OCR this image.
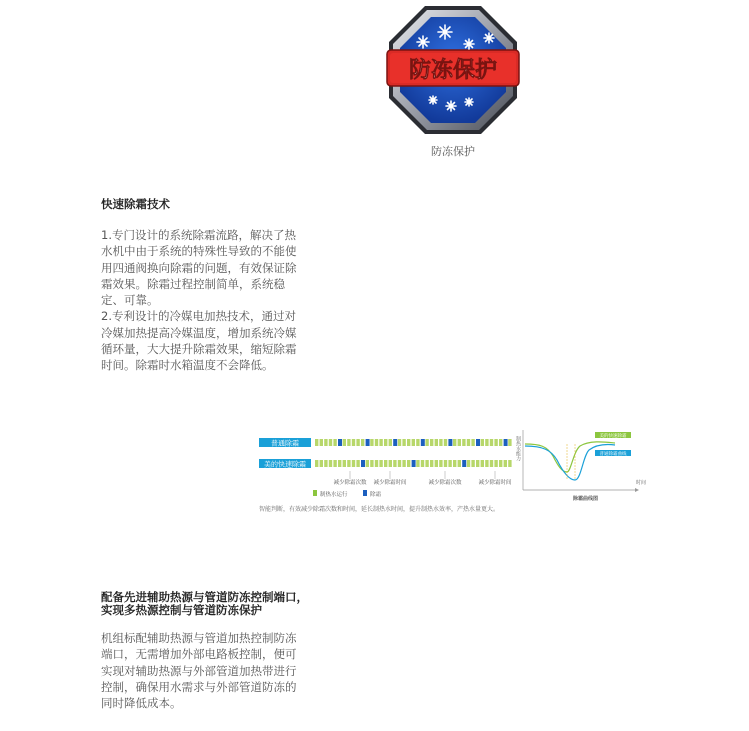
防冻保护
防冻保护
快速除霜技术
1.专门设计的系统除霜流路，解决了热
水机中由于系统的特殊性导致的不能使
用四通阀换向除霜的问题，有效保证除
霜效果。除霜过程控制简单，系统稳
定、可靠。
2.专利设计的冷媒电加热技术，通过对
冷媒加热提高冷媒温度，增加系统冷媒
循环量，大大提升除霜效果，缩短除霜
时间。除霜时水箱温度不会降低。
普通除霜
美的快速除霜
减少除霜次数 减少除霜时间	减少除霜次数	减少除霜时间
制热水运行	除霜
智能判断，有效减少除霜次数和时间，延长制热水时间，提升制热水效率，产热水量更大。
制热水能力
时间
除霜曲线图
美的快速除霜
普通除霜曲线
配备先进辅助热源与管道防冻控制端口，实现多热源控制与管道防冻保护
机组标配辅助热源与管道加热控制防冻
端口，无需增加外部电路板控制，便可
实现对辅助热源与外部管道加热带进行
控制，确保用水需求与外部管道防冻的
同时降低成本。
